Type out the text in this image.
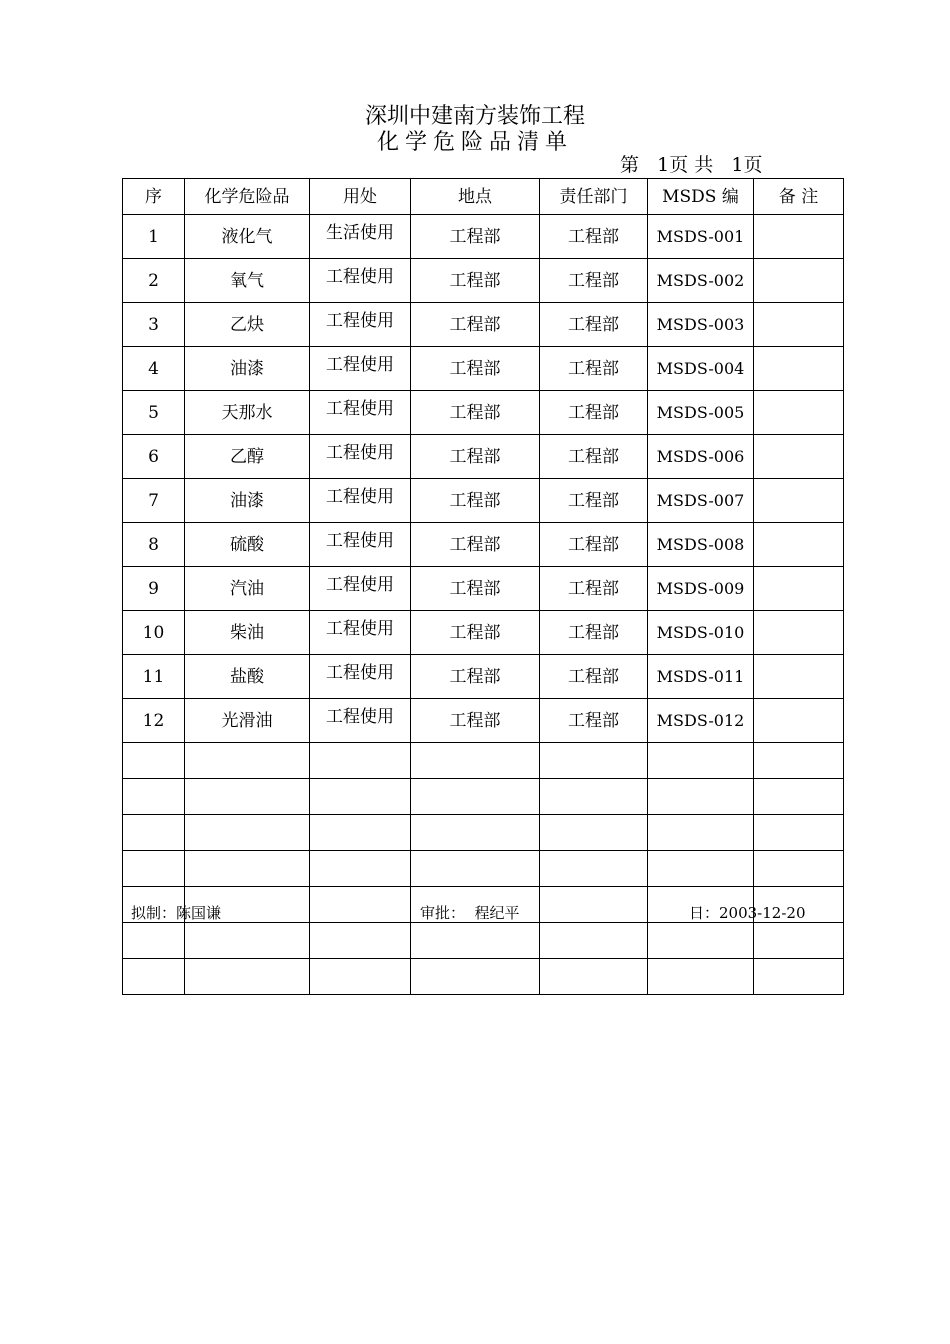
深圳中建南方装饰工程
化学危险品清单
第 1页 共 1页
序	化学危险品	用处	地点	责任部门	MSDS 编	备 注
1	液化气	生活使用	工程部	工程部	MSDS-001	
2	氧气	工程使用	工程部	工程部	MSDS-002	
3	乙炔	工程使用	工程部	工程部	MSDS-003	
4	油漆	工程使用	工程部	工程部	MSDS-004	
5	天那水	工程使用	工程部	工程部	MSDS-005	
6	乙醇	工程使用	工程部	工程部	MSDS-006	
7	油漆	工程使用	工程部	工程部	MSDS-007	
8	硫酸	工程使用	工程部	工程部	MSDS-008	
9	汽油	工程使用	工程部	工程部	MSDS-009	
10	柴油	工程使用	工程部	工程部	MSDS-010	
11	盐酸	工程使用	工程部	工程部	MSDS-011	
12	光滑油	工程使用	工程部	工程部	MSDS-012	

拟制：陈国谦	审批：  程纪平	日：2003-12-20
